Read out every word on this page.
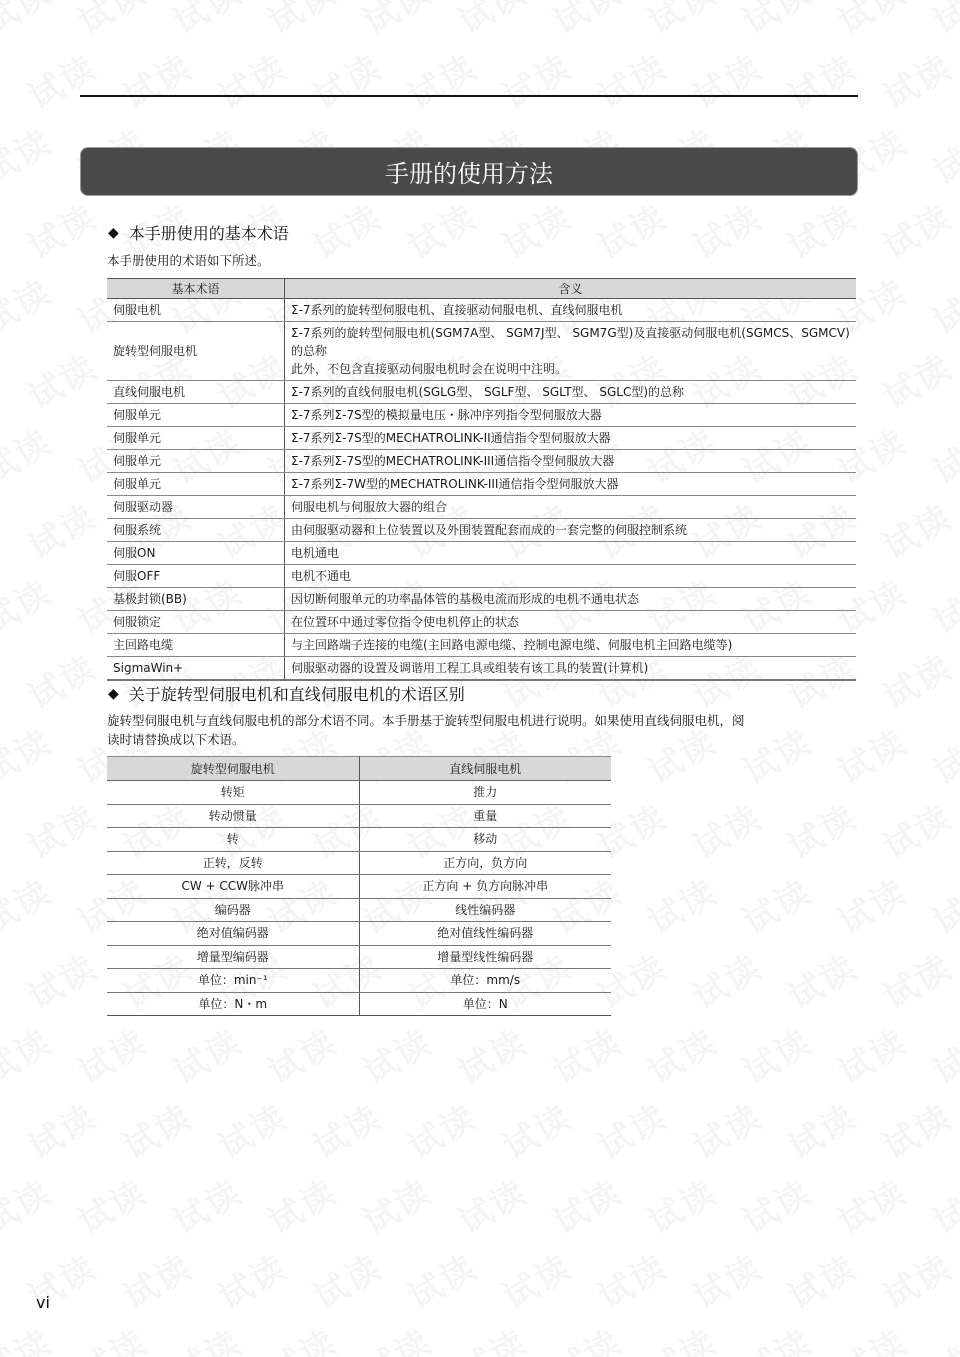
手册的使用方法
◆ 本手册使用的基本术语
本手册使用的术语如下所述。
基本术语	含义
伺服电机	Σ-7系列的旋转型伺服电机、直接驱动伺服电机、直线伺服电机

旋转型伺服电机	Σ-7系列的旋转型伺服电机(SGM7A型、 SGM7J型、 SGM7G型)及直接驱动伺服电机(SGMCS、SGMCV)的总称
此外，不包含直接驱动伺服电机时会在说明中注明。

直线伺服电机	Σ-7系列的直线伺服电机(SGLG型、 SGLF型、 SGLT型、 SGLC型)的总称

伺服单元	Σ-7系列Σ-7S型的模拟量电压・脉冲序列指令型伺服放大器

伺服单元	Σ-7系列Σ-7S型的MECHATROLINK-II通信指令型伺服放大器

伺服单元	Σ-7系列Σ-7S型的MECHATROLINK-III通信指令型伺服放大器

伺服单元	Σ-7系列Σ-7W型的MECHATROLINK-III通信指令型伺服放大器

伺服驱动器	伺服电机与伺服放大器的组合

伺服系统	由伺服驱动器和上位装置以及外围装置配套而成的一套完整的伺服控制系统

伺服ON	电机通电

伺服OFF	电机不通电

基极封锁(BB)	因切断伺服单元的功率晶体管的基极电流而形成的电机不通电状态

伺服锁定	在位置环中通过零位指令使电机停止的状态

主回路电缆	与主回路端子连接的电缆(主回路电源电缆、控制电源电缆、伺服电机主回路电缆等)

SigmaWin+	伺服驱动器的设置及调谐用工程工具或组装有该工具的装置(计算机)
◆ 关于旋转型伺服电机和直线伺服电机的术语区别
旋转型伺服电机与直线伺服电机的部分术语不同。本手册基于旋转型伺服电机进行说明。如果使用直线伺服电机，阅
读时请替换成以下术语。
旋转型伺服电机	直线伺服电机
转矩	推力
转动惯量	重量
转	移动
正转，反转	正方向，负方向
CW + CCW脉冲串	正方向 + 负方向脉冲串
编码器	线性编码器
绝对值编码器	绝对值线性编码器
增量型编码器	增量型线性编码器
单位：min⁻¹	单位：mm/s
单位：N・m	单位：N
vi
